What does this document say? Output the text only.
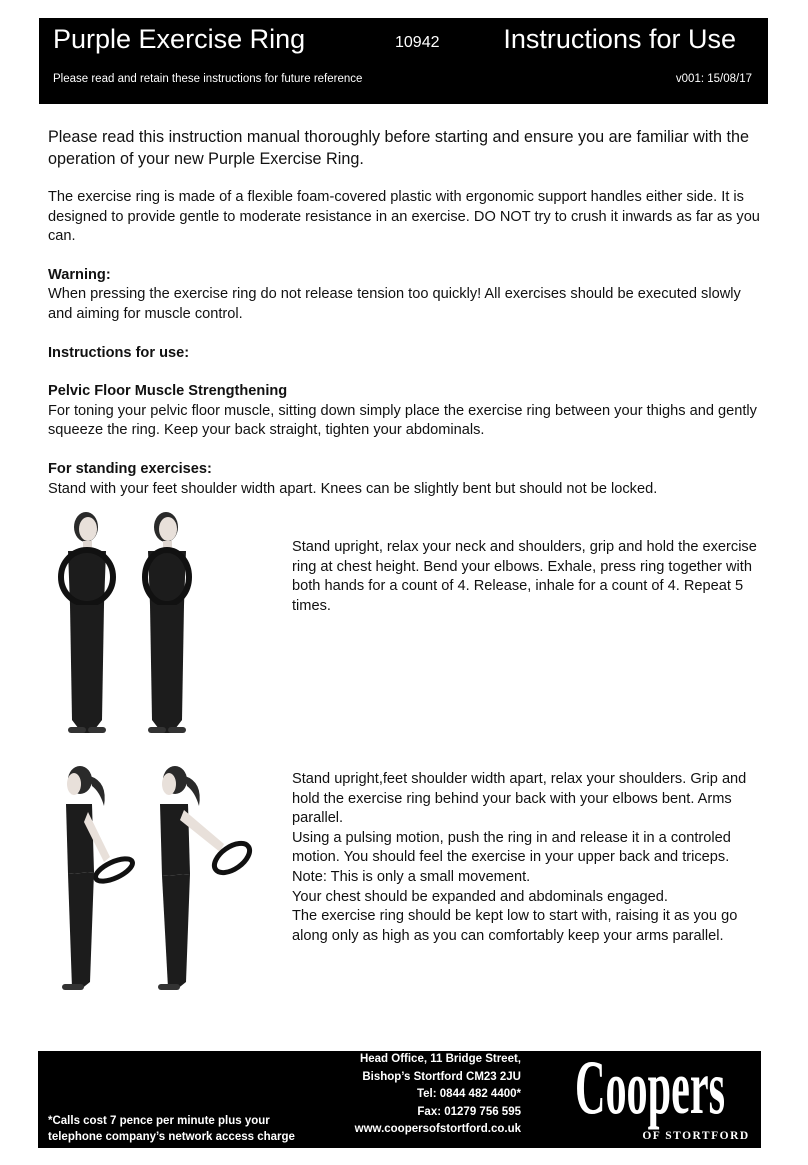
Purple Exercise Ring	10942 Instructions for Use
Please read and retain these instructions for future reference	v001: 15/08/17

Please read this instruction manual thoroughly before starting and ensure you are familiar with the operation of your new Purple Exercise Ring.

The exercise ring is made of a flexible foam-covered plastic with ergonomic support handles either side. It is designed to provide gentle to moderate resistance in an exercise. DO NOT try to crush it inwards as far as you can.

Warning:
When pressing the exercise ring do not release tension too quickly! All exercises should be executed slowly and aiming for muscle control.

Instructions for use:

Pelvic Floor Muscle Strengthening
For toning your pelvic floor muscle, sitting down simply place the exercise ring between your thighs and gently squeeze the ring. Keep your back straight, tighten your abdominals.

For standing exercises:
Stand with your feet shoulder width apart. Knees can be slightly bent but should not be locked.

Stand upright, relax your neck and shoulders, grip and hold the exercise ring at chest height. Bend your elbows. Exhale, press ring together with both hands for a count of 4. Release, inhale for a count of 4. Repeat 5 times.
Stand upright,feet shoulder width apart, relax your shoulders. Grip and hold the exercise ring behind your back with your elbows bent. Arms parallel.
Using a pulsing motion, push the ring in and release it in a controled motion. You should feel the exercise in your upper back and triceps.
Note: This is only a small movement.
Your chest should be expanded and abdominals engaged.
The exercise ring should be kept low to start with, raising it as you go along only as high as you can comfortably keep your arms parallel.
Head Office, 11 Bridge Street,
Bishop’s Stortford CM23 2JU
Tel: 0844 482 4400*
Fax: 01279 756 595
www.coopersofstortford.co.uk
*Calls cost 7 pence per minute plus your
telephone company’s network access charge
Coopers
OF STORTFORD
